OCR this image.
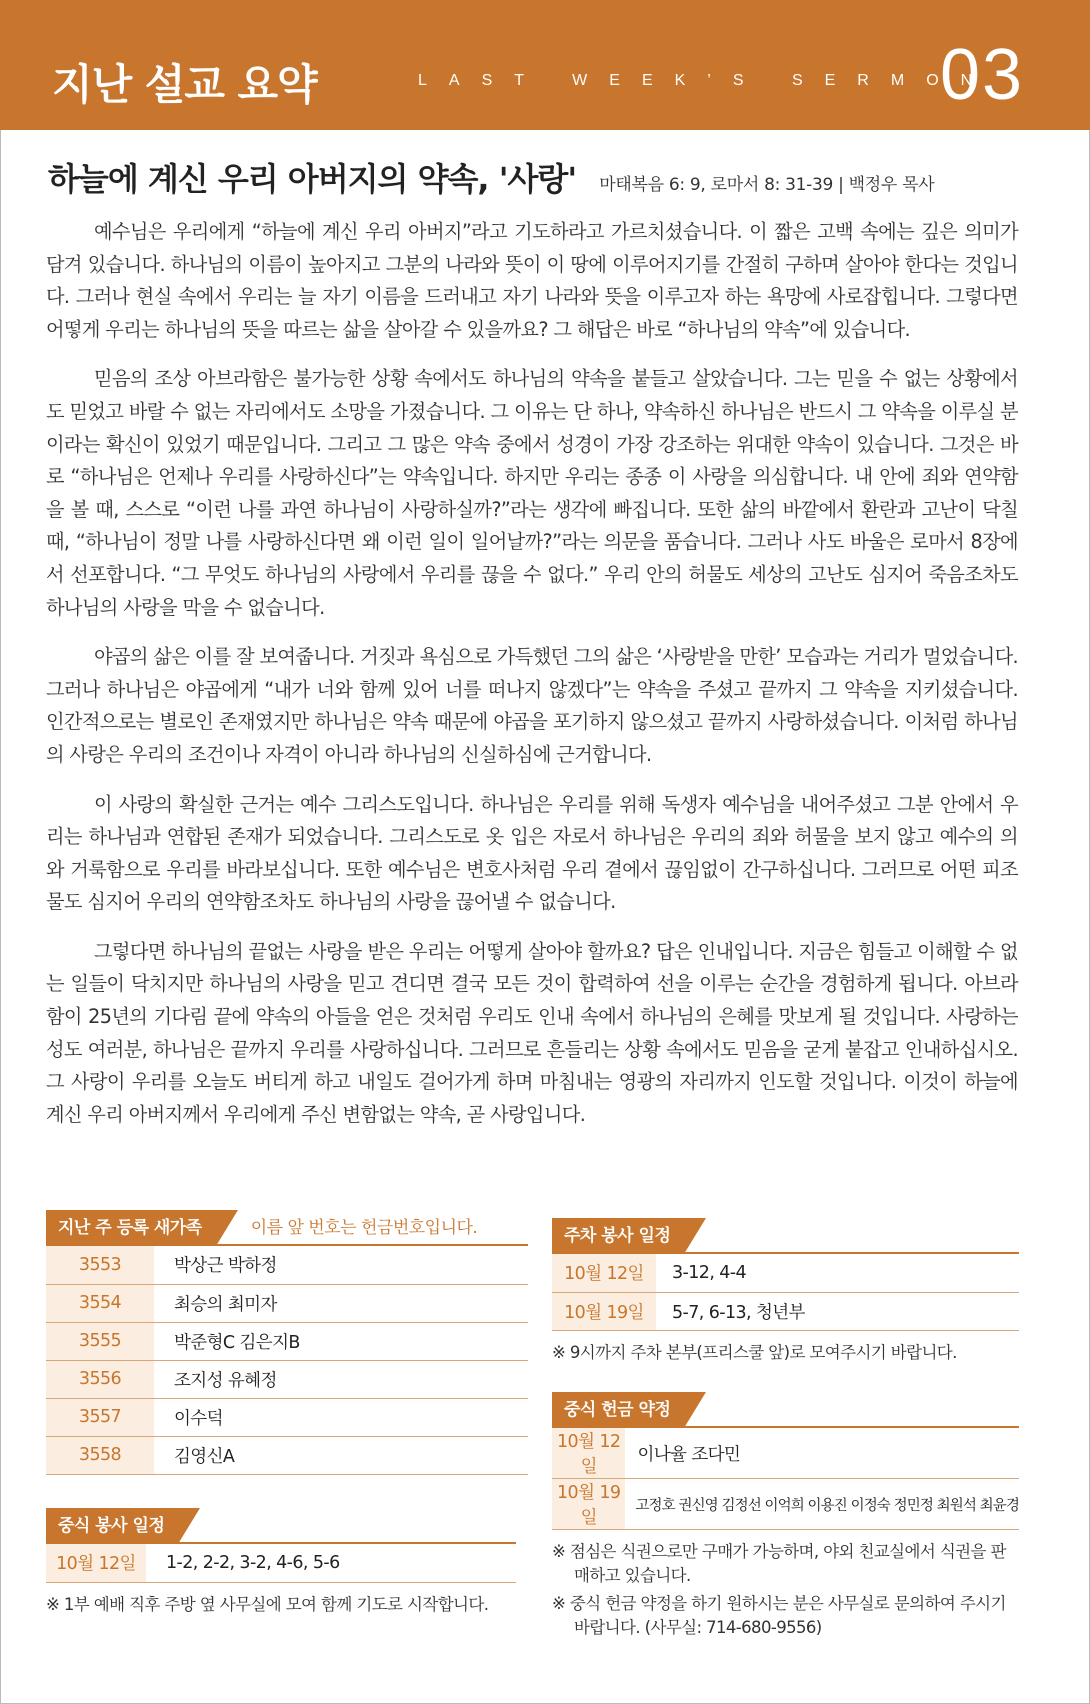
지난 설교 요약	LAST WEEK’S SERMON
03
하늘에 계신 우리 아버지의 약속, '사랑' 마태복음 6: 9, 로마서 8: 31-39 | 백정우 목사

예수님은 우리에게 “하늘에 계신 우리 아버지”라고 기도하라고 가르치셨습니다. 이 짧은 고백 속에는 깊은 의미가 담겨 있습니다. 하나님의 이름이 높아지고 그분의 나라와 뜻이 이 땅에 이루어지기를 간절히 구하며 살아야 한다는 것입니다. 그러나 현실 속에서 우리는 늘 자기 이름을 드러내고 자기 나라와 뜻을 이루고자 하는 욕망에 사로잡힙니다. 그렇다면 어떻게 우리는 하나님의 뜻을 따르는 삶을 살아갈 수 있을까요? 그 해답은 바로 “하나님의 약속”에 있습니다.

믿음의 조상 아브라함은 불가능한 상황 속에서도 하나님의 약속을 붙들고 살았습니다. 그는 믿을 수 없는 상황에서도 믿었고 바랄 수 없는 자리에서도 소망을 가졌습니다. 그 이유는 단 하나, 약속하신 하나님은 반드시 그 약속을 이루실 분이라는 확신이 있었기 때문입니다. 그리고 그 많은 약속 중에서 성경이 가장 강조하는 위대한 약속이 있습니다. 그것은 바로 “하나님은 언제나 우리를 사랑하신다”는 약속입니다. 하지만 우리는 종종 이 사랑을 의심합니다. 내 안에 죄와 연약함을 볼 때, 스스로 “이런 나를 과연 하나님이 사랑하실까?”라는 생각에 빠집니다. 또한 삶의 바깥에서 환란과 고난이 닥칠 때, “하나님이 정말 나를 사랑하신다면 왜 이런 일이 일어날까?”라는 의문을 품습니다. 그러나 사도 바울은 로마서 8장에서 선포합니다. “그 무엇도 하나님의 사랑에서 우리를 끊을 수 없다.” 우리 안의 허물도 세상의 고난도 심지어 죽음조차도 하나님의 사랑을 막을 수 없습니다.

야곱의 삶은 이를 잘 보여줍니다. 거짓과 욕심으로 가득했던 그의 삶은 ‘사랑받을 만한’ 모습과는 거리가 멀었습니다. 그러나 하나님은 야곱에게 “내가 너와 함께 있어 너를 떠나지 않겠다”는 약속을 주셨고 끝까지 그 약속을 지키셨습니다. 인간적으로는 별로인 존재였지만 하나님은 약속 때문에 야곱을 포기하지 않으셨고 끝까지 사랑하셨습니다. 이처럼 하나님의 사랑은 우리의 조건이나 자격이 아니라 하나님의 신실하심에 근거합니다.

이 사랑의 확실한 근거는 예수 그리스도입니다. 하나님은 우리를 위해 독생자 예수님을 내어주셨고 그분 안에서 우리는 하나님과 연합된 존재가 되었습니다. 그리스도로 옷 입은 자로서 하나님은 우리의 죄와 허물을 보지 않고 예수의 의와 거룩함으로 우리를 바라보십니다. 또한 예수님은 변호사처럼 우리 곁에서 끊임없이 간구하십니다. 그러므로 어떤 피조물도 심지어 우리의 연약함조차도 하나님의 사랑을 끊어낼 수 없습니다.

그렇다면 하나님의 끝없는 사랑을 받은 우리는 어떻게 살아야 할까요? 답은 인내입니다. 지금은 힘들고 이해할 수 없는 일들이 닥치지만 하나님의 사랑을 믿고 견디면 결국 모든 것이 합력하여 선을 이루는 순간을 경험하게 됩니다. 아브라함이 25년의 기다림 끝에 약속의 아들을 얻은 것처럼 우리도 인내 속에서 하나님의 은혜를 맛보게 될 것입니다. 사랑하는 성도 여러분, 하나님은 끝까지 우리를 사랑하십니다. 그러므로 흔들리는 상황 속에서도 믿음을 굳게 붙잡고 인내하십시오. 그 사랑이 우리를 오늘도 버티게 하고 내일도 걸어가게 하며 마침내는 영광의 자리까지 인도할 것입니다. 이것이 하늘에 계신 우리 아버지께서 우리에게 주신 변함없는 약속, 곧 사랑입니다.

지난 주 등록 새가족	이름 앞 번호는 헌금번호입니다.
3553	박상근 박하정
3554	최승의 최미자
3555	박준형C 김은지B
3556	조지성 유혜정
3557	이수덕
3558	김영신A
중식 봉사 일정
10월 12일	1-2, 2-2, 3-2, 4-6, 5-6
※ 1부 예배 직후 주방 옆 사무실에 모여 함께 기도로 시작합니다.
주차 봉사 일정
10월 12일	3-12, 4-4
10월 19일	5-7, 6-13, 청년부
※ 9시까지 주차 본부(프리스쿨 앞)로 모여주시기 바랍니다.
중식 헌금 약정
10월 12일	이나율 조다민
10월 19일	고정호 권신영 김정선 이억희 이용진 이정숙 정민정 최원석 최윤경
※ 점심은 식권으로만 구매가 가능하며, 야외 친교실에서 식권을 판매하고 있습니다.
※ 중식 헌금 약정을 하기 원하시는 분은 사무실로 문의하여 주시기 바랍니다. (사무실: 714-680-9556)
